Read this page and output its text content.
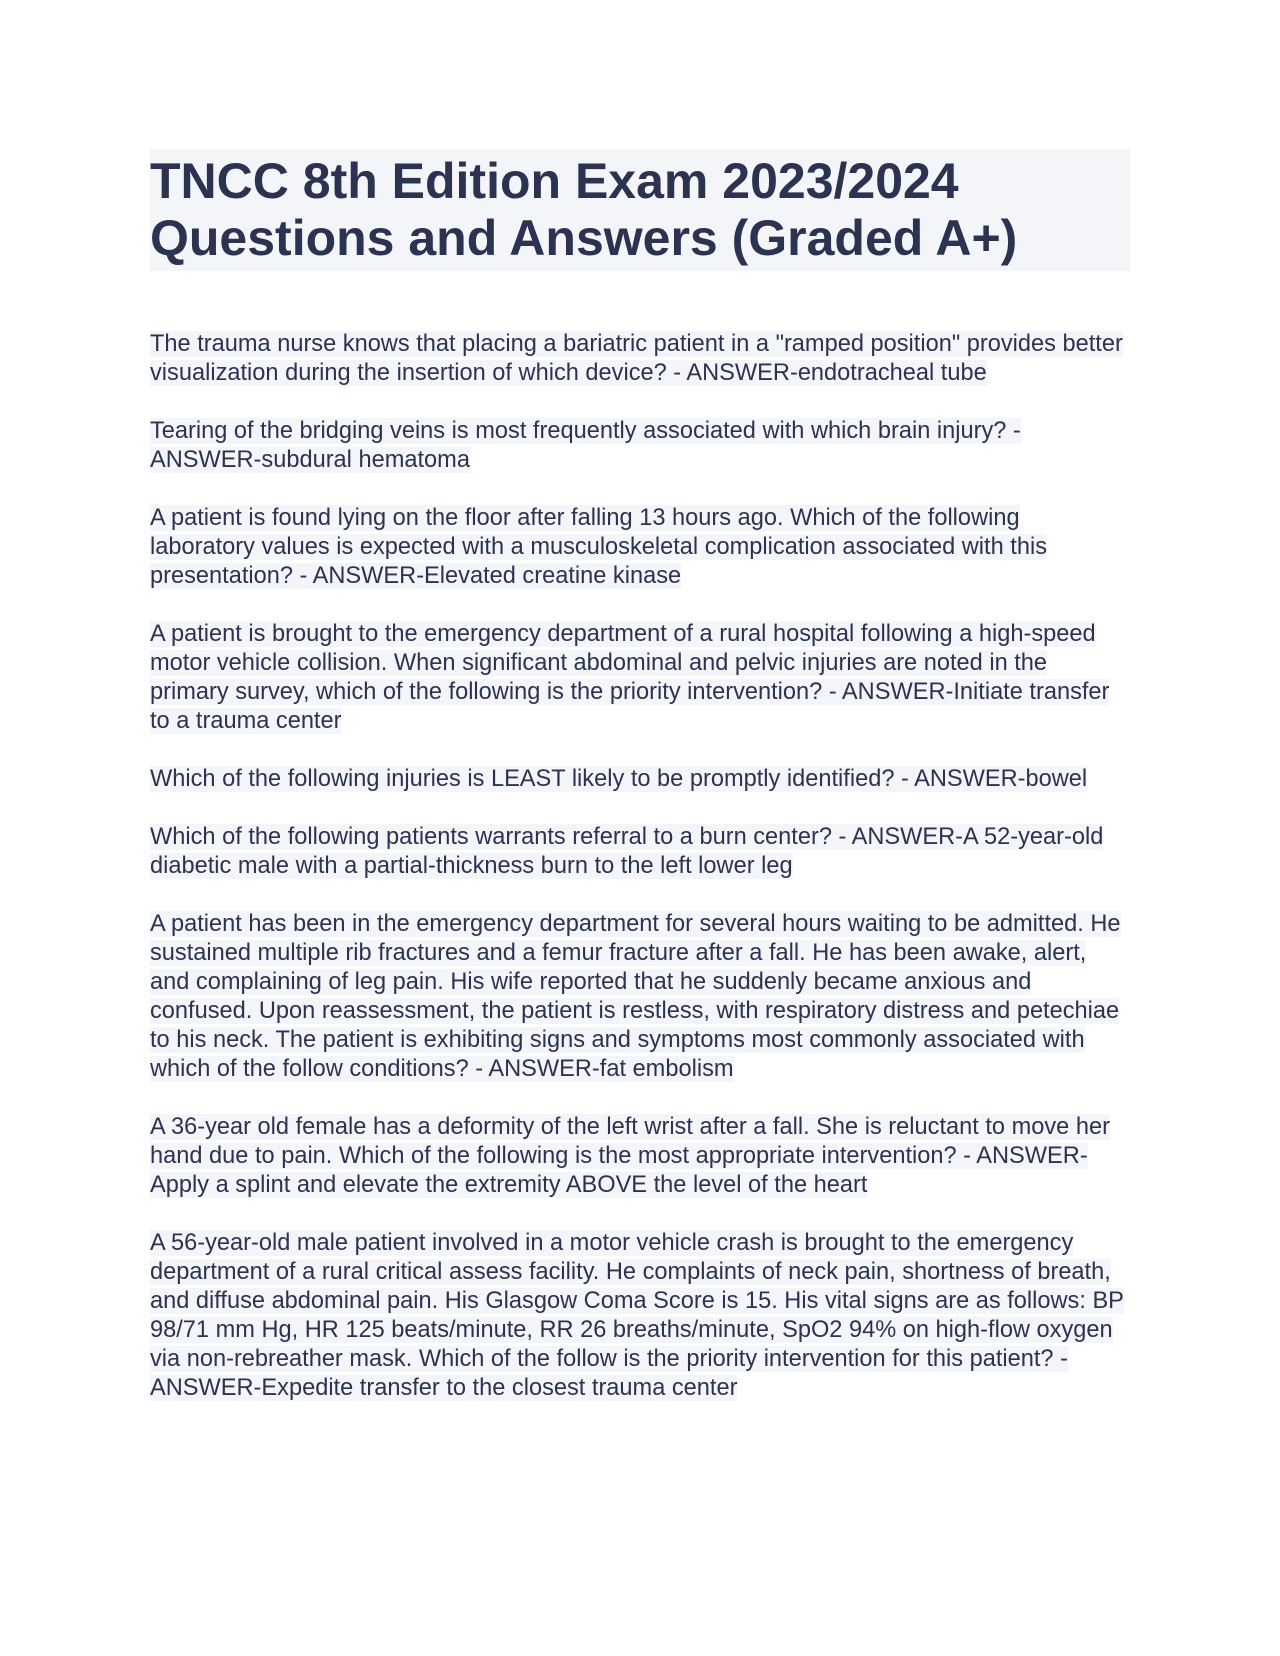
TNCC 8th Edition Exam 2023/2024 Questions and Answers (Graded A+)

The trauma nurse knows that placing a bariatric patient in a "ramped position" provides better visualization during the insertion of which device? - ANSWER-endotracheal tube

Tearing of the bridging veins is most frequently associated with which brain injury? - ANSWER-subdural hematoma

A patient is found lying on the floor after falling 13 hours ago. Which of the following laboratory values is expected with a musculoskeletal complication associated with this presentation? - ANSWER-Elevated creatine kinase

A patient is brought to the emergency department of a rural hospital following a high-speed motor vehicle collision. When significant abdominal and pelvic injuries are noted in the primary survey, which of the following is the priority intervention? - ANSWER-Initiate transfer to a trauma center

Which of the following injuries is LEAST likely to be promptly identified? - ANSWER-bowel

Which of the following patients warrants referral to a burn center? - ANSWER-A 52-year-old diabetic male with a partial-thickness burn to the left lower leg

A patient has been in the emergency department for several hours waiting to be admitted. He sustained multiple rib fractures and a femur fracture after a fall. He has been awake, alert, and complaining of leg pain. His wife reported that he suddenly became anxious and confused. Upon reassessment, the patient is restless, with respiratory distress and petechiae to his neck. The patient is exhibiting signs and symptoms most commonly associated with which of the follow conditions? - ANSWER-fat embolism

A 36-year old female has a deformity of the left wrist after a fall. She is reluctant to move her hand due to pain. Which of the following is the most appropriate intervention? - ANSWER-Apply a splint and elevate the extremity ABOVE the level of the heart

A 56-year-old male patient involved in a motor vehicle crash is brought to the emergency department of a rural critical assess facility. He complaints of neck pain, shortness of breath, and diffuse abdominal pain. His Glasgow Coma Score is 15. His vital signs are as follows: BP 98/71 mm Hg, HR 125 beats/minute, RR 26 breaths/minute, SpO2 94% on high-flow oxygen via non-rebreather mask. Which of the follow is the priority intervention for this patient? - ANSWER-Expedite transfer to the closest trauma center
